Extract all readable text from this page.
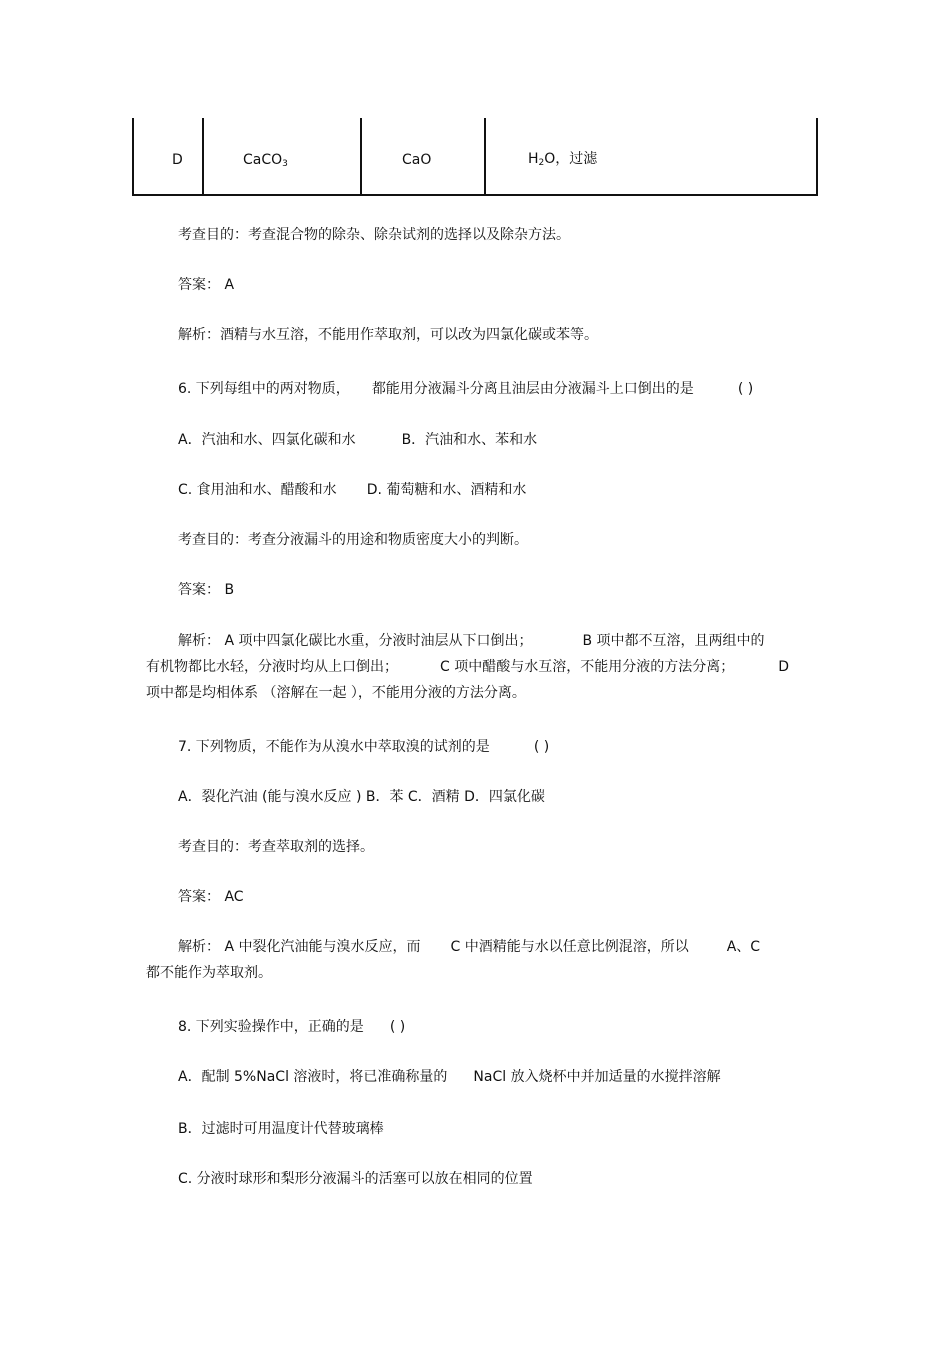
D	CaCO$_3$	CaO	$H_2O$，过滤
考查目的：考查混合物的除杂、除杂试剂的选择以及除杂方法。
答案： A
解析：酒精与水互溶，不能用作萃取剂，可以改为四氯化碳或苯等。
6. 下列每组中的两对物质， 都能用分液漏斗分离且油层由分液漏斗上口倒出的是	( )
A．汽油和水、四氯化碳和水	B．汽油和水、苯和水
C. 食用油和水、醋酸和水 D. 葡萄糖和水、酒精和水
考查目的：考查分液漏斗的用途和物质密度大小的判断。
答案： B
解析： A 项中四氯化碳比水重，分液时油层从下口倒出；	B 项中都不互溶，且两组中的
有机物都比水轻，分液时均从上口倒出；	C 项中醋酸与水互溶，不能用分液的方法分离；	D
项中都是均相体系 （溶解在一起 ），不能用分液的方法分离。
7. 下列物质，不能作为从溴水中萃取溴的试剂的是	( )
A．裂化汽油 (能与溴水反应 ) B．苯 C．酒精 D．四氯化碳
考查目的：考查萃取剂的选择。
答案： AC
解析： A 中裂化汽油能与溴水反应，而 C 中酒精能与水以任意比例混溶，所以	A、C
都不能作为萃取剂。
8. 下列实验操作中，正确的是 ( )
A．配制 5%NaCl 溶液时，将已准确称量的 NaCl 放入烧杯中并加适量的水搅拌溶解
B．过滤时可用温度计代替玻璃棒
C. 分液时球形和梨形分液漏斗的活塞可以放在相同的位置
